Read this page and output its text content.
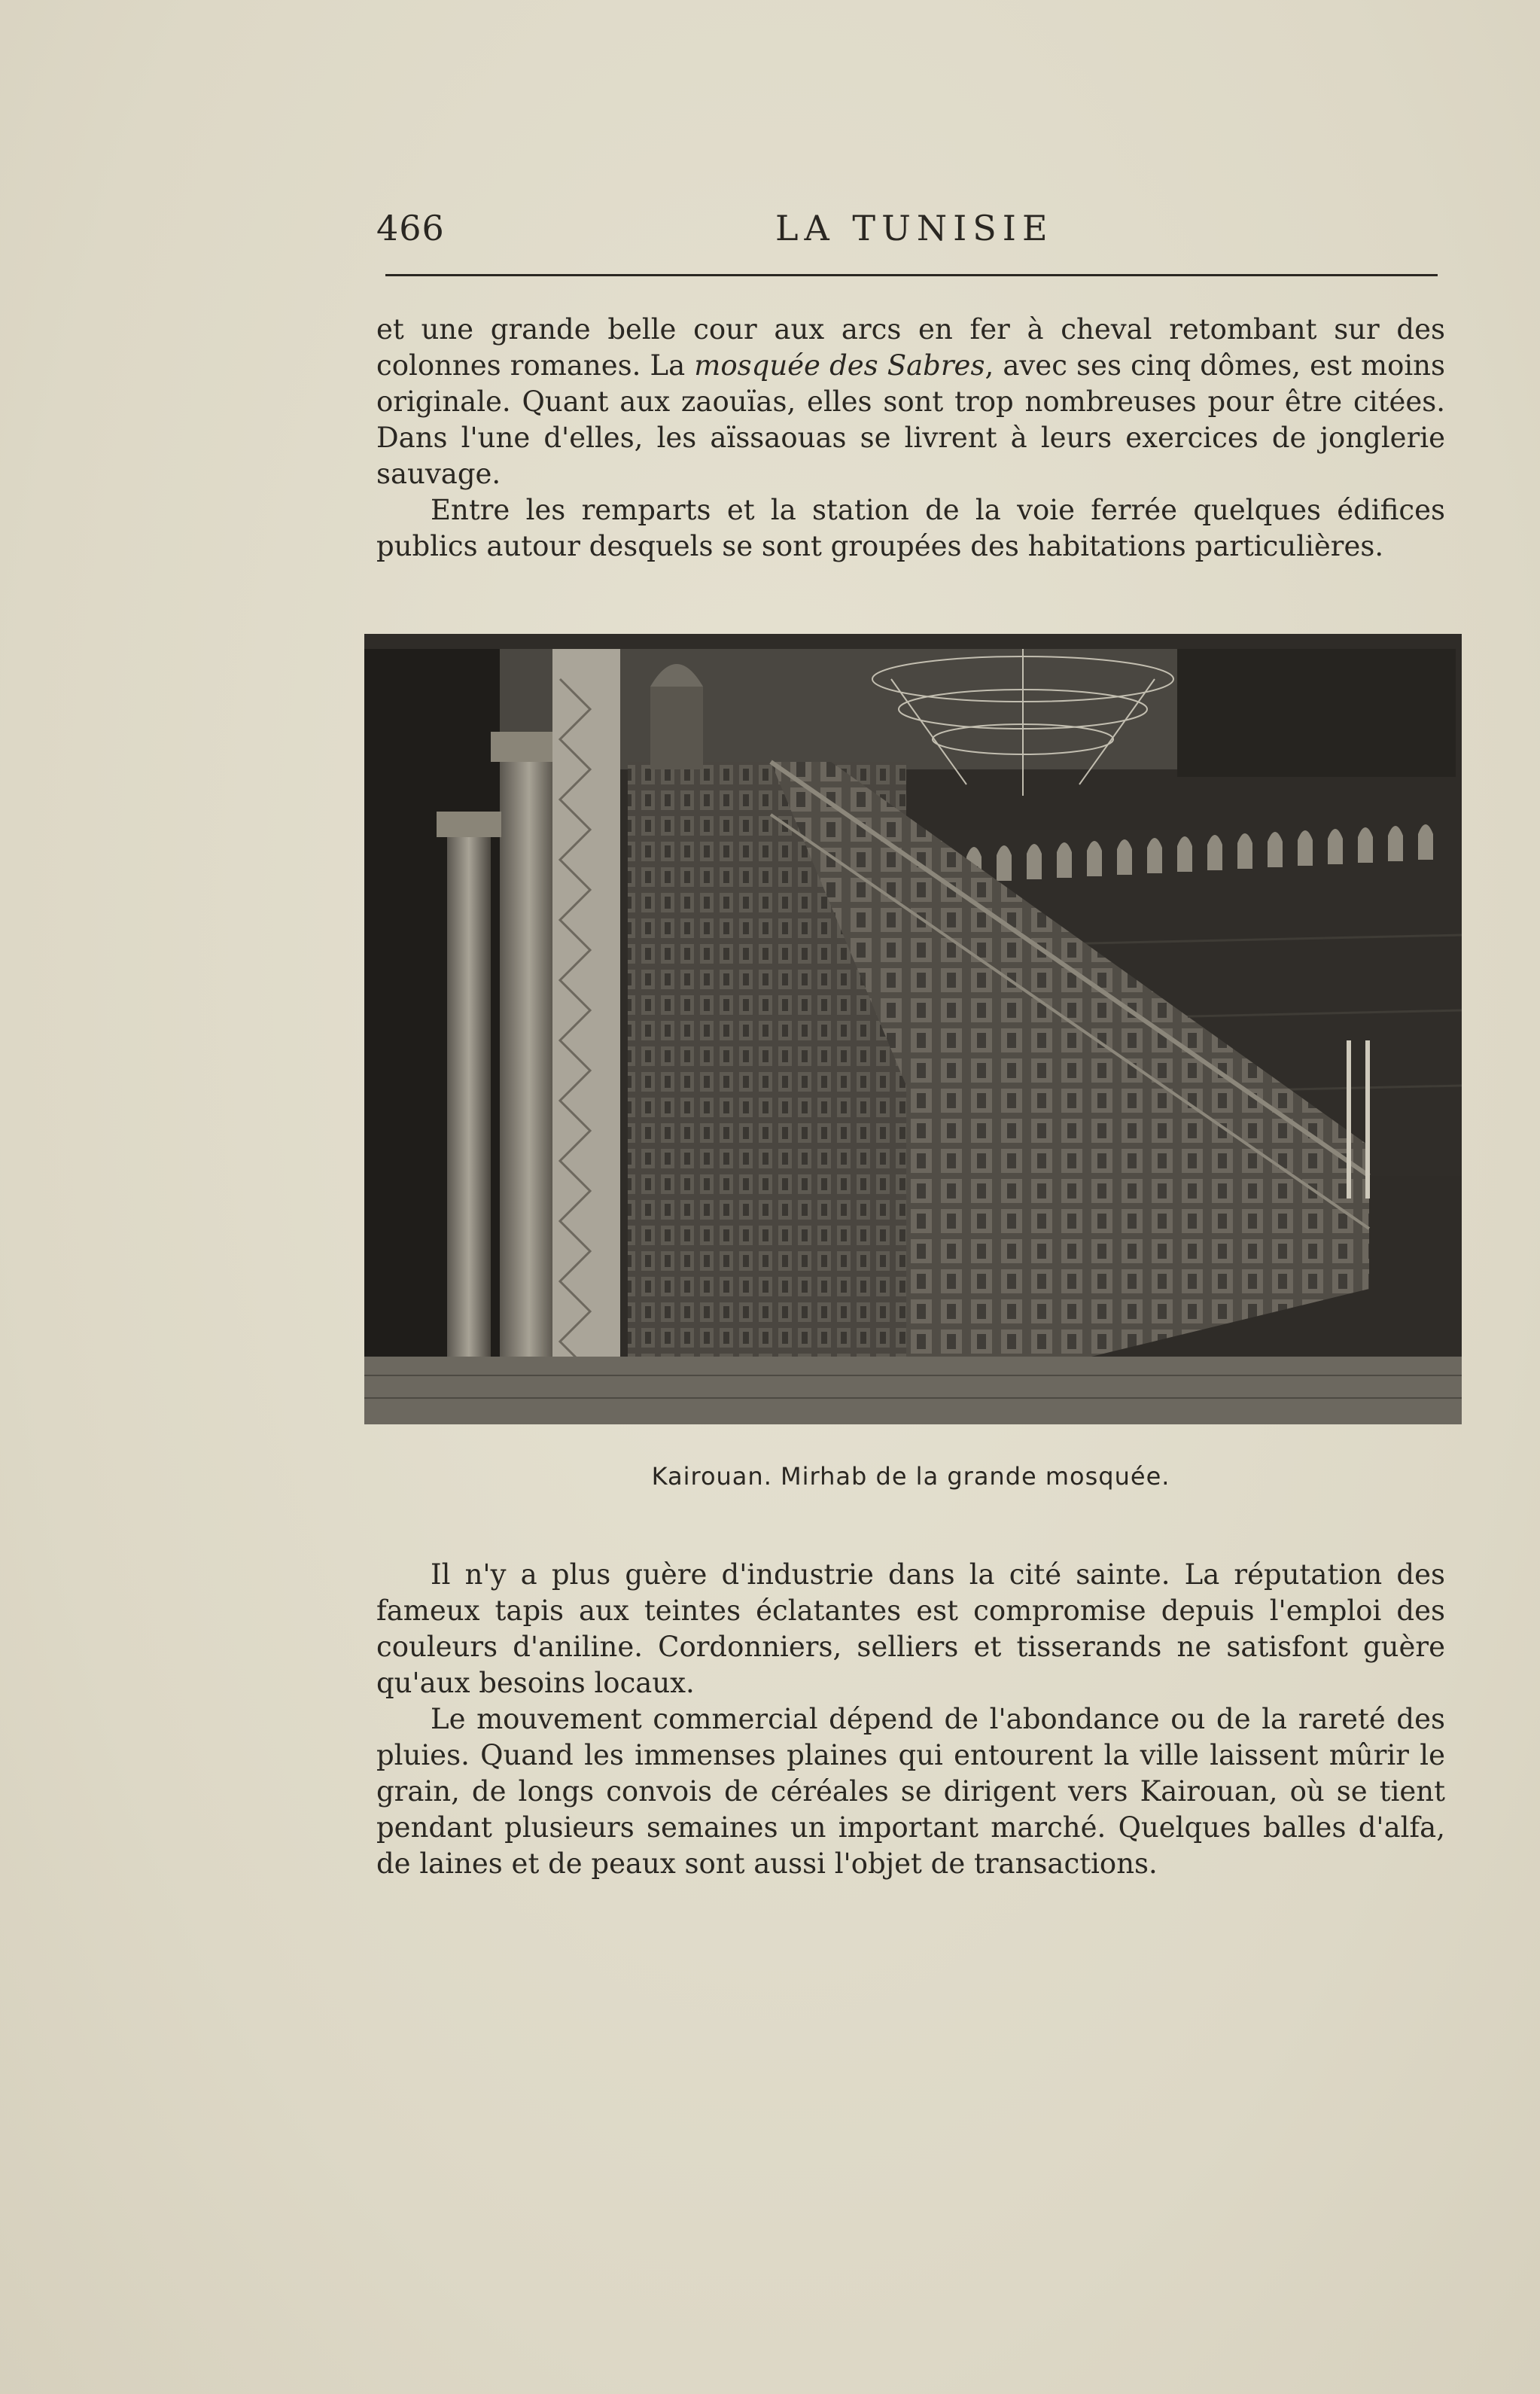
466	LA TUNISIE

et une grande belle cour aux arcs en fer à cheval retombant sur des colonnes romanes. La mosquée des Sabres, avec ses cinq dômes, est moins originale. Quant aux zaouïas, elles sont trop nombreuses pour être citées. Dans l'une d'elles, les aïssaouas se livrent à leurs exercices de jonglerie sauvage.

Entre les remparts et la station de la voie ferrée quelques édifices publics autour desquels se sont groupées des habitations particulières.

Kairouan. Mirhab de la grande mosquée.

Il n'y a plus guère d'industrie dans la cité sainte. La réputation des fameux tapis aux teintes éclatantes est compromise depuis l'emploi des couleurs d'aniline. Cordonniers, selliers et tisserands ne satisfont guère qu'aux besoins locaux.

Le mouvement commercial dépend de l'abondance ou de la rareté des pluies. Quand les immenses plaines qui entourent la ville laissent mûrir le grain, de longs convois de céréales se dirigent vers Kairouan, où se tient pendant plusieurs semaines un important marché. Quelques balles d'alfa, de laines et de peaux sont aussi l'objet de transactions.
